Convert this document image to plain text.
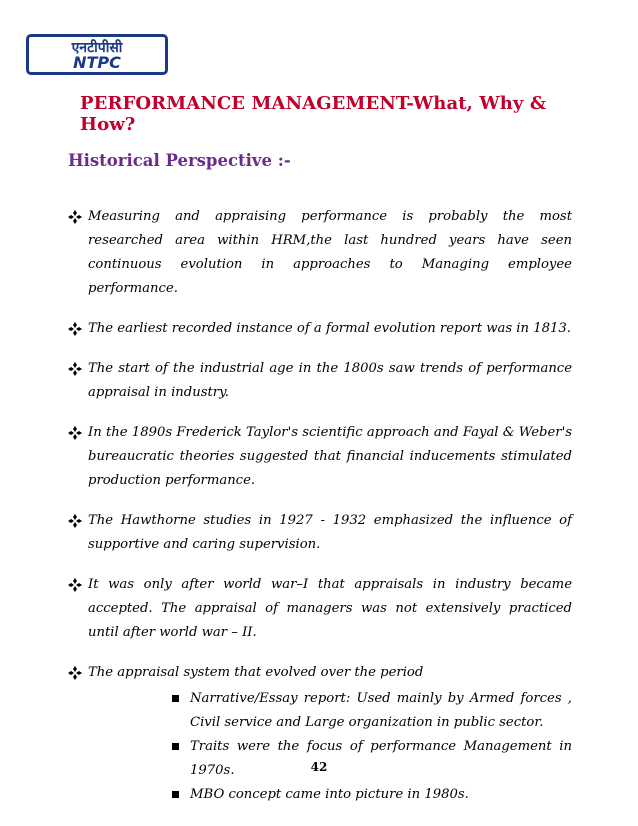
एनटीपीसी
NTPC
PERFORMANCE MANAGEMENT-What, Why & How?
Historical Perspective :-
Measuring and appraising performance is probably the most researched area within HRM,the last hundred years have seen continuous evolution in approaches to Managing employee performance.
The earliest recorded instance of a formal evolution report was in 1813.
The start of the industrial age in the 1800s saw trends of performance appraisal in industry.
In the 1890s Frederick Taylor's scientific approach and Fayal & Weber's bureaucratic theories suggested that financial inducements stimulated production performance.
The Hawthorne studies in 1927 - 1932 emphasized the influence of supportive and caring supervision.
It was only after world war–I that appraisals in industry became accepted. The appraisal of managers was not extensively practiced until after world war – II.
The appraisal system that evolved over the period
Narrative/Essay report: Used mainly by Armed forces , Civil service and Large organization in public sector.
Traits were the focus of performance Management in 1970s.
MBO concept came into picture in 1980s.
42
